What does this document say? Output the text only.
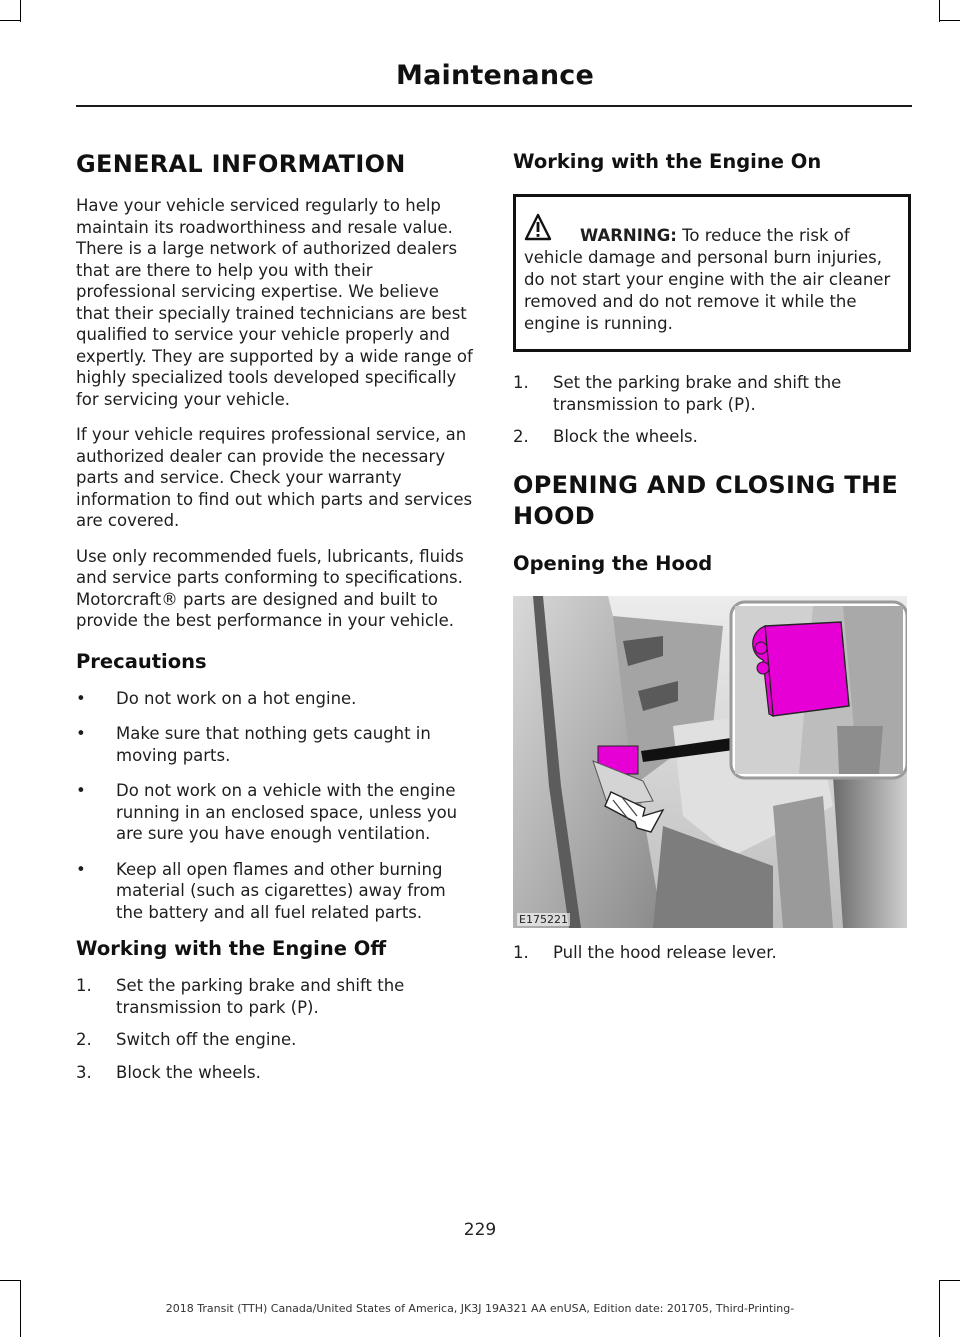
Maintenance
GENERAL INFORMATION

Have your vehicle serviced regularly to help maintain its roadworthiness and resale value. There is a large network of authorized dealers that are there to help you with their professional servicing expertise. We believe that their specially trained technicians are best qualified to service your vehicle properly and expertly. They are supported by a wide range of highly specialized tools developed specifically for servicing your vehicle.

If your vehicle requires professional service, an authorized dealer can provide the necessary parts and service. Check your warranty information to find out which parts and services are covered.

Use only recommended fuels, lubricants, fluids and service parts conforming to specifications. Motorcraft® parts are designed and built to provide the best performance in your vehicle.

Precautions
• Do not work on a hot engine.
• Make sure that nothing gets caught in moving parts.
• Do not work on a vehicle with the engine running in an enclosed space, unless you are sure you have enough ventilation.
• Keep all open flames and other burning material (such as cigarettes) away from the battery and all fuel related parts.
Working with the Engine Off
1. Set the parking brake and shift the transmission to park (P).
2. Switch off the engine.
3. Block the wheels.
Working with the Engine On
WARNING: To reduce the risk of vehicle damage and personal burn injuries, do not start your engine with the air cleaner removed and do not remove it while the engine is running.
1. Set the parking brake and shift the transmission to park (P).
2. Block the wheels.
OPENING AND CLOSING THE
HOOD
Opening the Hood
E175221
1. Pull the hood release lever.
229
2018 Transit (TTH) Canada/United States of America, JK3J 19A321 AA enUSA, Edition date: 201705, Third-Printing-
